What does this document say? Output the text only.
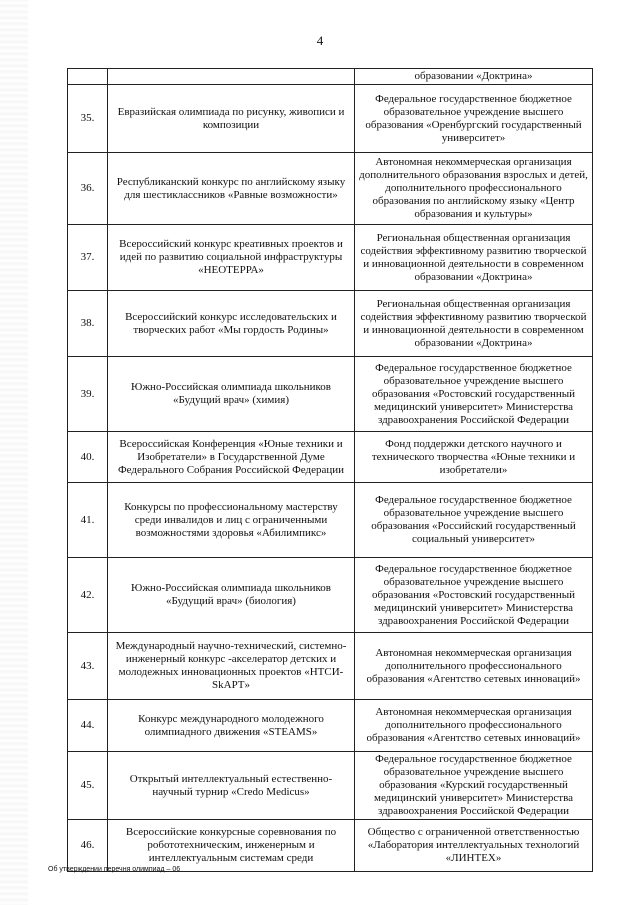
4
		образовании «Доктрина»
35.	Евразийская олимпиада по рисунку, живописи и композиции	Федеральное государственное бюджетное образовательное учреждение высшего образования «Оренбургский государственный университет»
36.	Республиканский конкурс по английскому языку для шестиклассников «Равные возможности»	Автономная некоммерческая организация дополнительного образования взрослых и детей, дополнительного профессионального образования по английскому языку «Центр образования и культуры»
37.	Всероссийский конкурс креативных проектов и идей по развитию социальной инфраструктуры «НЕОТЕРРА»	Региональная общественная организация содействия эффективному развитию творческой и инновационной деятельности в современном образовании «Доктрина»
38.	Всероссийский конкурс исследовательских и творческих работ «Мы гордость Родины»	Региональная общественная организация содействия эффективному развитию творческой и инновационной деятельности в современном образовании «Доктрина»
39.	Южно-Российская олимпиада школьников «Будущий врач» (химия)	Федеральное государственное бюджетное образовательное учреждение высшего образования «Ростовский государственный медицинский университет» Министерства здравоохранения Российской Федерации
40.	Всероссийская Конференция «Юные техники и Изобретатели» в Государственной Думе Федерального Собрания Российской Федерации	Фонд поддержки детского научного и технического творчества «Юные техники и изобретатели»
41.	Конкурсы по профессиональному мастерству среди инвалидов и лиц с ограниченными возможностями здоровья «Абилимпикс»	Федеральное государственное бюджетное образовательное учреждение высшего образования «Российский государственный социальный университет»
42.	Южно-Российская олимпиада школьников «Будущий врач» (биология)	Федеральное государственное бюджетное образовательное учреждение высшего образования «Ростовский государственный медицинский университет» Министерства здравоохранения Российской Федерации
43.	Международный научно-технический, системно-инженерный конкурс -акселератор детских и молодежных инновационных проектов «НТСИ-SkAPT»	Автономная некоммерческая организация дополнительного профессионального образования «Агентство сетевых инноваций»
44.	Конкурс международного молодежного олимпиадного движения «STEAMS»	Автономная некоммерческая организация дополнительного профессионального образования «Агентство сетевых инноваций»
45.	Открытый интеллектуальный естественно-научный турнир «Credo Medicus»	Федеральное государственное бюджетное образовательное учреждение высшего образования «Курский государственный медицинский университет» Министерства здравоохранения Российской Федерации
46.	Всероссийские конкурсные соревнования по робототехническим, инженерным и интеллектуальным системам среди	Общество с ограниченной ответственностью «Лаборатория интеллектуальных технологий «ЛИНТЕХ»
Об утверждении перечня олимпиад – 06
